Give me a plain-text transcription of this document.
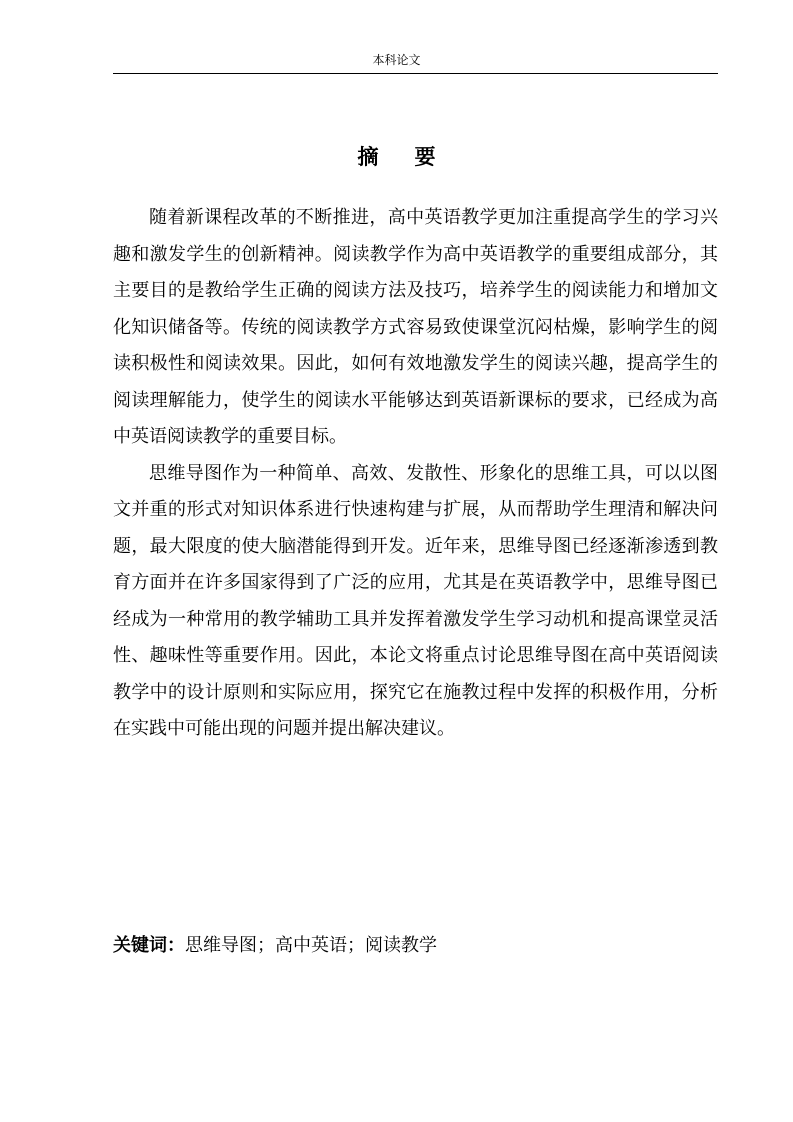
本科论文
摘要

随着新课程改革的不断推进，高中英语教学更加注重提高学生的学习兴趣和激发学生的创新精神。阅读教学作为高中英语教学的重要组成部分，其主要目的是教给学生正确的阅读方法及技巧，培养学生的阅读能力和增加文化知识储备等。传统的阅读教学方式容易致使课堂沉闷枯燥，影响学生的阅读积极性和阅读效果。因此，如何有效地激发学生的阅读兴趣，提高学生的阅读理解能力，使学生的阅读水平能够达到英语新课标的要求，已经成为高中英语阅读教学的重要目标。

思维导图作为一种简单、高效、发散性、形象化的思维工具，可以以图文并重的形式对知识体系进行快速构建与扩展，从而帮助学生理清和解决问题，最大限度的使大脑潜能得到开发。近年来，思维导图已经逐渐渗透到教育方面并在许多国家得到了广泛的应用，尤其是在英语教学中，思维导图已经成为一种常用的教学辅助工具并发挥着激发学生学习动机和提高课堂灵活性、趣味性等重要作用。因此，本论文将重点讨论思维导图在高中英语阅读教学中的设计原则和实际应用，探究它在施教过程中发挥的积极作用，分析在实践中可能出现的问题并提出解决建议。

关键词：思维导图；高中英语；阅读教学
